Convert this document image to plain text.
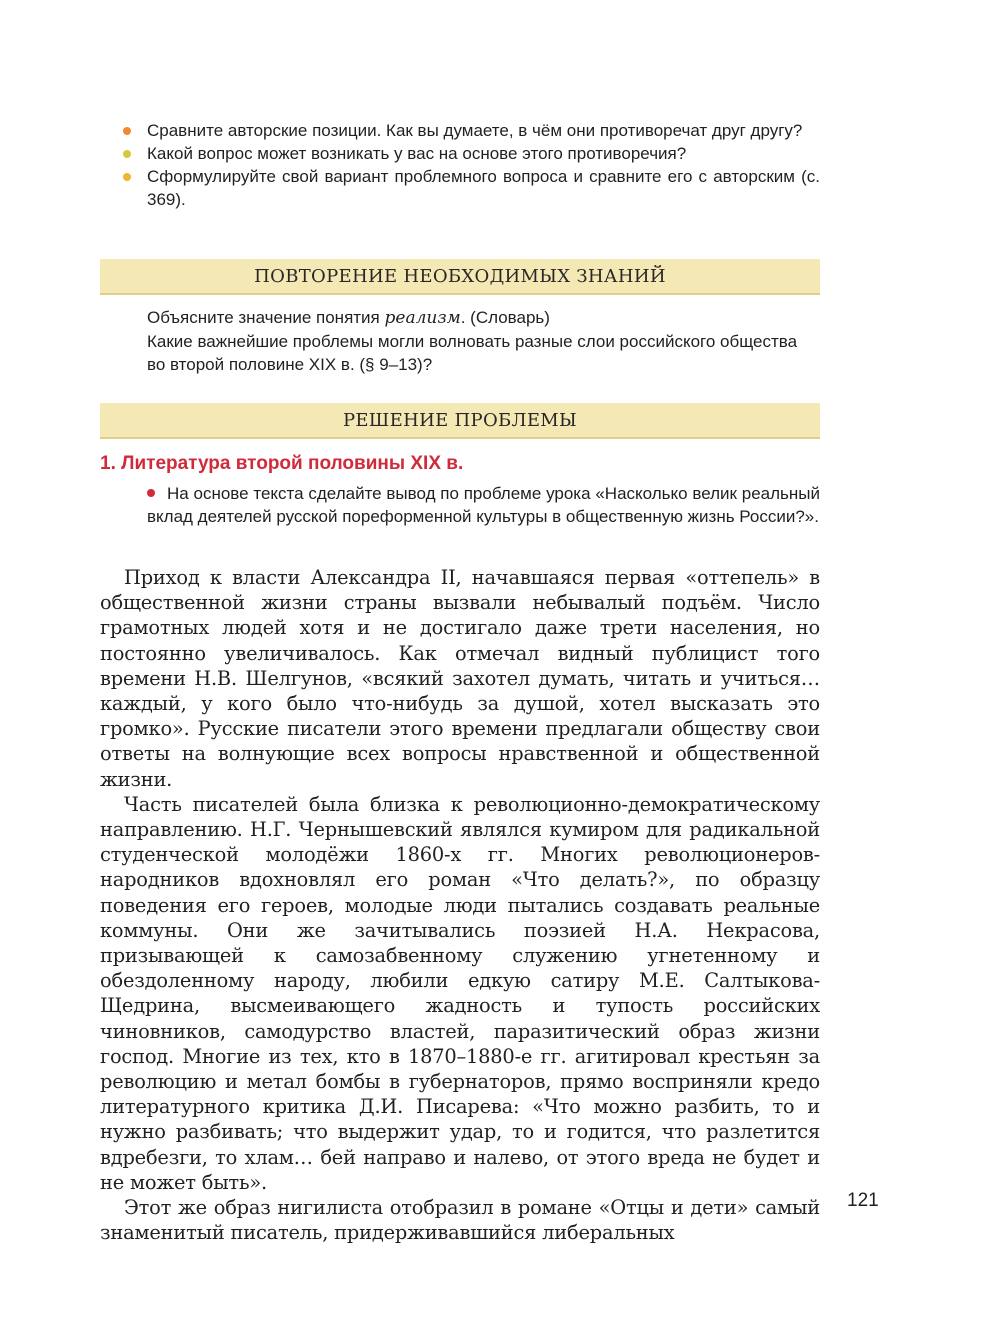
Сравните авторские позиции. Как вы думаете, в чём они противоречат друг другу?
Какой вопрос может возникать у вас на основе этого противоречия?
Сформулируйте свой вариант проблемного вопроса и сравните его с авторским (с. 369).
ПОВТОРЕНИЕ НЕОБХОДИМЫХ ЗНАНИЙ
Объясните значение понятия реализм. (Словарь)
Какие важнейшие проблемы могли волновать разные слои российского общества во второй половине XIX в. (§ 9–13)?
РЕШЕНИЕ ПРОБЛЕМЫ
1. Литература второй половины XIX в.
На основе текста сделайте вывод по проблеме урока «Насколько велик реальный вклад деятелей русской пореформенной культуры в общественную жизнь России?».

Приход к власти Александра II, начавшаяся первая «оттепель» в общественной жизни страны вызвали небывалый подъём. Число грамотных людей хотя и не достигало даже трети населения, но постоянно увеличивалось. Как отмечал видный публицист того времени Н.В. Шелгунов, «всякий захотел думать, читать и учиться… каждый, у кого было что-нибудь за душой, хотел высказать это громко». Русские писатели этого времени предлагали обществу свои ответы на волнующие всех вопросы нравственной и общественной жизни.

Часть писателей была близка к революционно-демократическому направлению. Н.Г. Чернышевский являлся кумиром для радикальной студенческой молодёжи 1860-х гг. Многих революционеров-народников вдохновлял его роман «Что делать?», по образцу поведения его героев, молодые люди пытались создавать реальные коммуны. Они же зачитывались поэзией Н.А. Некрасова, призывающей к самозабвенному служению угнетенному и обездоленному народу, любили едкую сатиру М.Е. Салтыкова-Щедрина, высмеивающего жадность и тупость российских чиновников, самодурство властей, паразитический образ жизни господ. Многие из тех, кто в 1870–1880-е гг. агитировал крестьян за революцию и метал бомбы в губернаторов, прямо восприняли кредо литературного критика Д.И. Писарева: «Что можно разбить, то и нужно разбивать; что выдержит удар, то и годится, что разлетится вдребезги, то хлам… бей направо и налево, от этого вреда не будет и не может быть».

Этот же образ нигилиста отобразил в романе «Отцы и дети» самый знаменитый писатель, придерживавшийся либеральных

121
